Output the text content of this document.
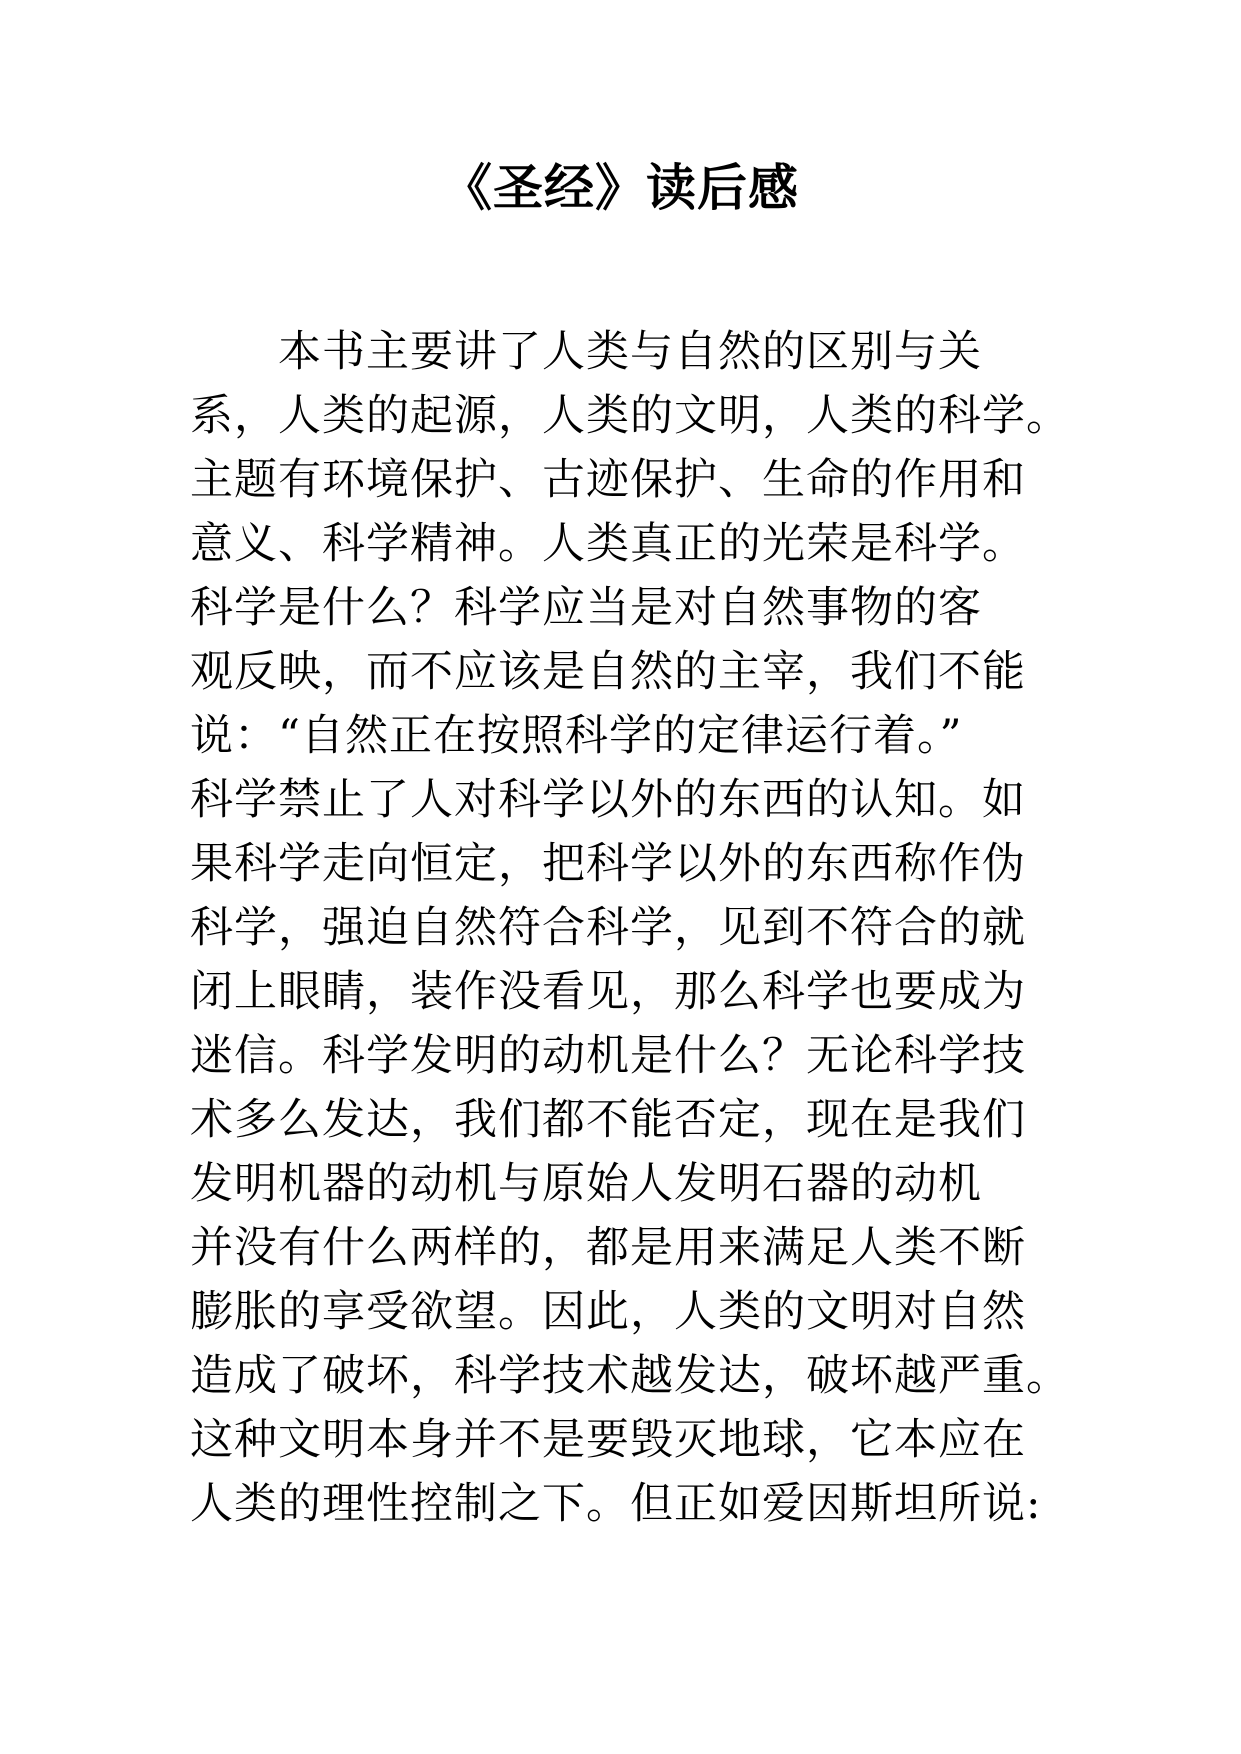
《圣经》读后感
本书主要讲了人类与自然的区别与关
系，人类的起源，人类的文明，人类的科学。
主题有环境保护、古迹保护、生命的作用和
意义、科学精神。人类真正的光荣是科学。
科学是什么？科学应当是对自然事物的客
观反映，而不应该是自然的主宰，我们不能
说：“自然正在按照科学的定律运行着。”
科学禁止了人对科学以外的东西的认知。如
果科学走向恒定，把科学以外的东西称作伪
科学，强迫自然符合科学，见到不符合的就
闭上眼睛，装作没看见，那么科学也要成为
迷信。科学发明的动机是什么？无论科学技
术多么发达，我们都不能否定，现在是我们
发明机器的动机与原始人发明石器的动机
并没有什么两样的，都是用来满足人类不断
膨胀的享受欲望。因此，人类的文明对自然
造成了破坏，科学技术越发达，破坏越严重。
这种文明本身并不是要毁灭地球，它本应在
人类的理性控制之下。但正如爱因斯坦所说:
